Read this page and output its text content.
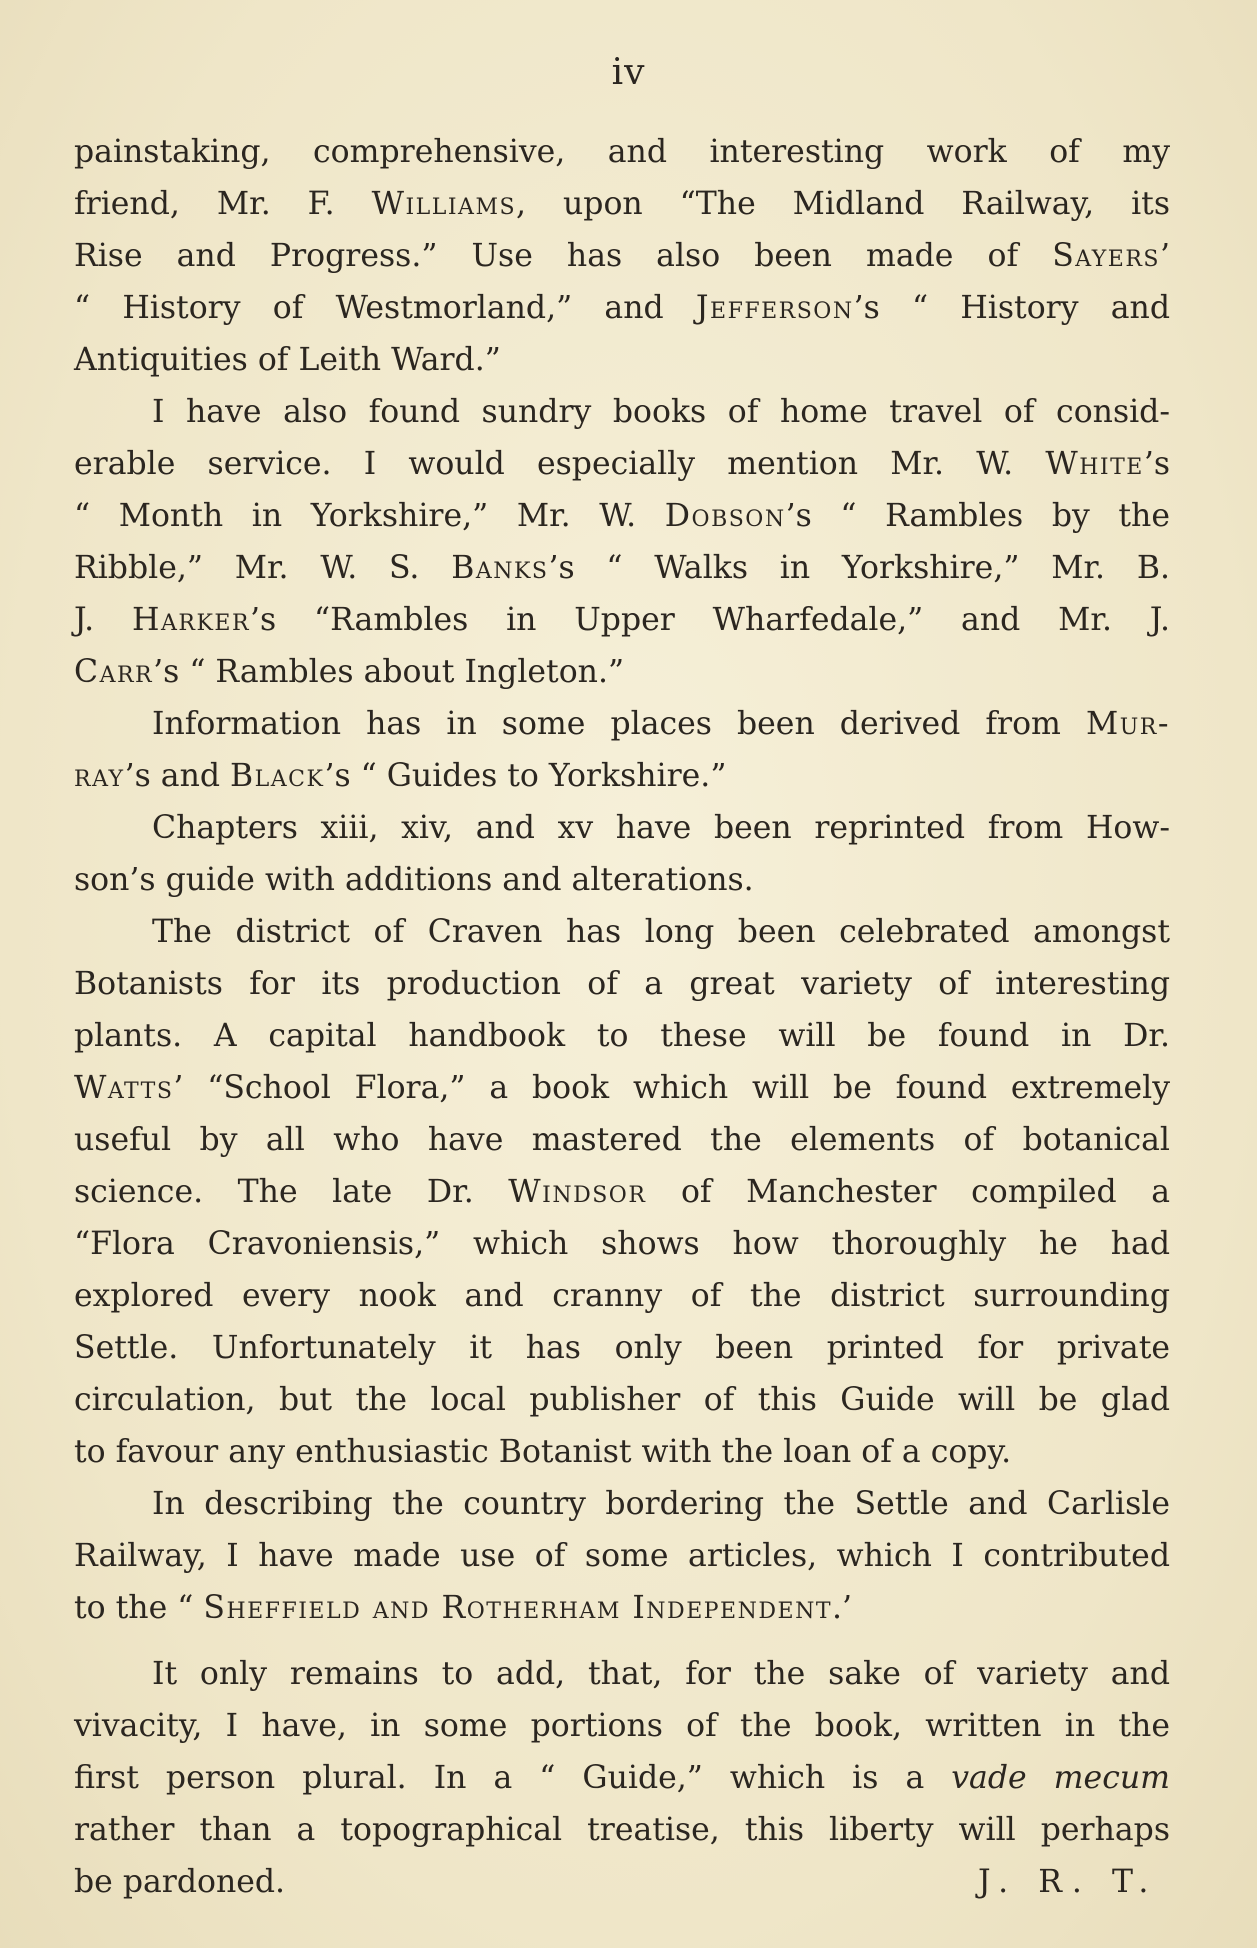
iv
painstaking, comprehensive, and interesting work of my
friend, Mr. F. Williams, upon “The Midland Railway, its
Rise and Progress.” Use has also been made of Sayers’
“ History of Westmorland,” and Jefferson’s “ History and
Antiquities of Leith Ward.”
I have also found sundry books of home travel of consid-
erable service. I would especially mention Mr. W. White’s
“ Month in Yorkshire,” Mr. W. Dobson’s “ Rambles by the
Ribble,” Mr. W. S. Banks’s “ Walks in Yorkshire,” Mr. B.
J. Harker’s “Rambles in Upper Wharfedale,” and Mr. J.
Carr’s “ Rambles about Ingleton.”
Information has in some places been derived from Mur-
ray’s and Black’s “ Guides to Yorkshire.”
Chapters xiii, xiv, and xv have been reprinted from How-
son’s guide with additions and alterations.
The district of Craven has long been celebrated amongst
Botanists for its production of a great variety of interesting
plants. A capital handbook to these will be found in Dr.
Watts’ “School Flora,” a book which will be found extremely
useful by all who have mastered the elements of botanical
science. The late Dr. Windsor of Manchester compiled a
“Flora Cravoniensis,” which shows how thoroughly he had
explored every nook and cranny of the district surrounding
Settle. Unfortunately it has only been printed for private
circulation, but the local publisher of this Guide will be glad
to favour any enthusiastic Botanist with the loan of a copy.
In describing the country bordering the Settle and Carlisle
Railway, I have made use of some articles, which I contributed
to the “ Sheffield and Rotherham Independent.’
It only remains to add, that, for the sake of variety and
vivacity, I have, in some portions of the book, written in the
first person plural. In a “ Guide,” which is a vade mecum
rather than a topographical treatise, this liberty will perhaps
be pardoned.	J. R. T.
